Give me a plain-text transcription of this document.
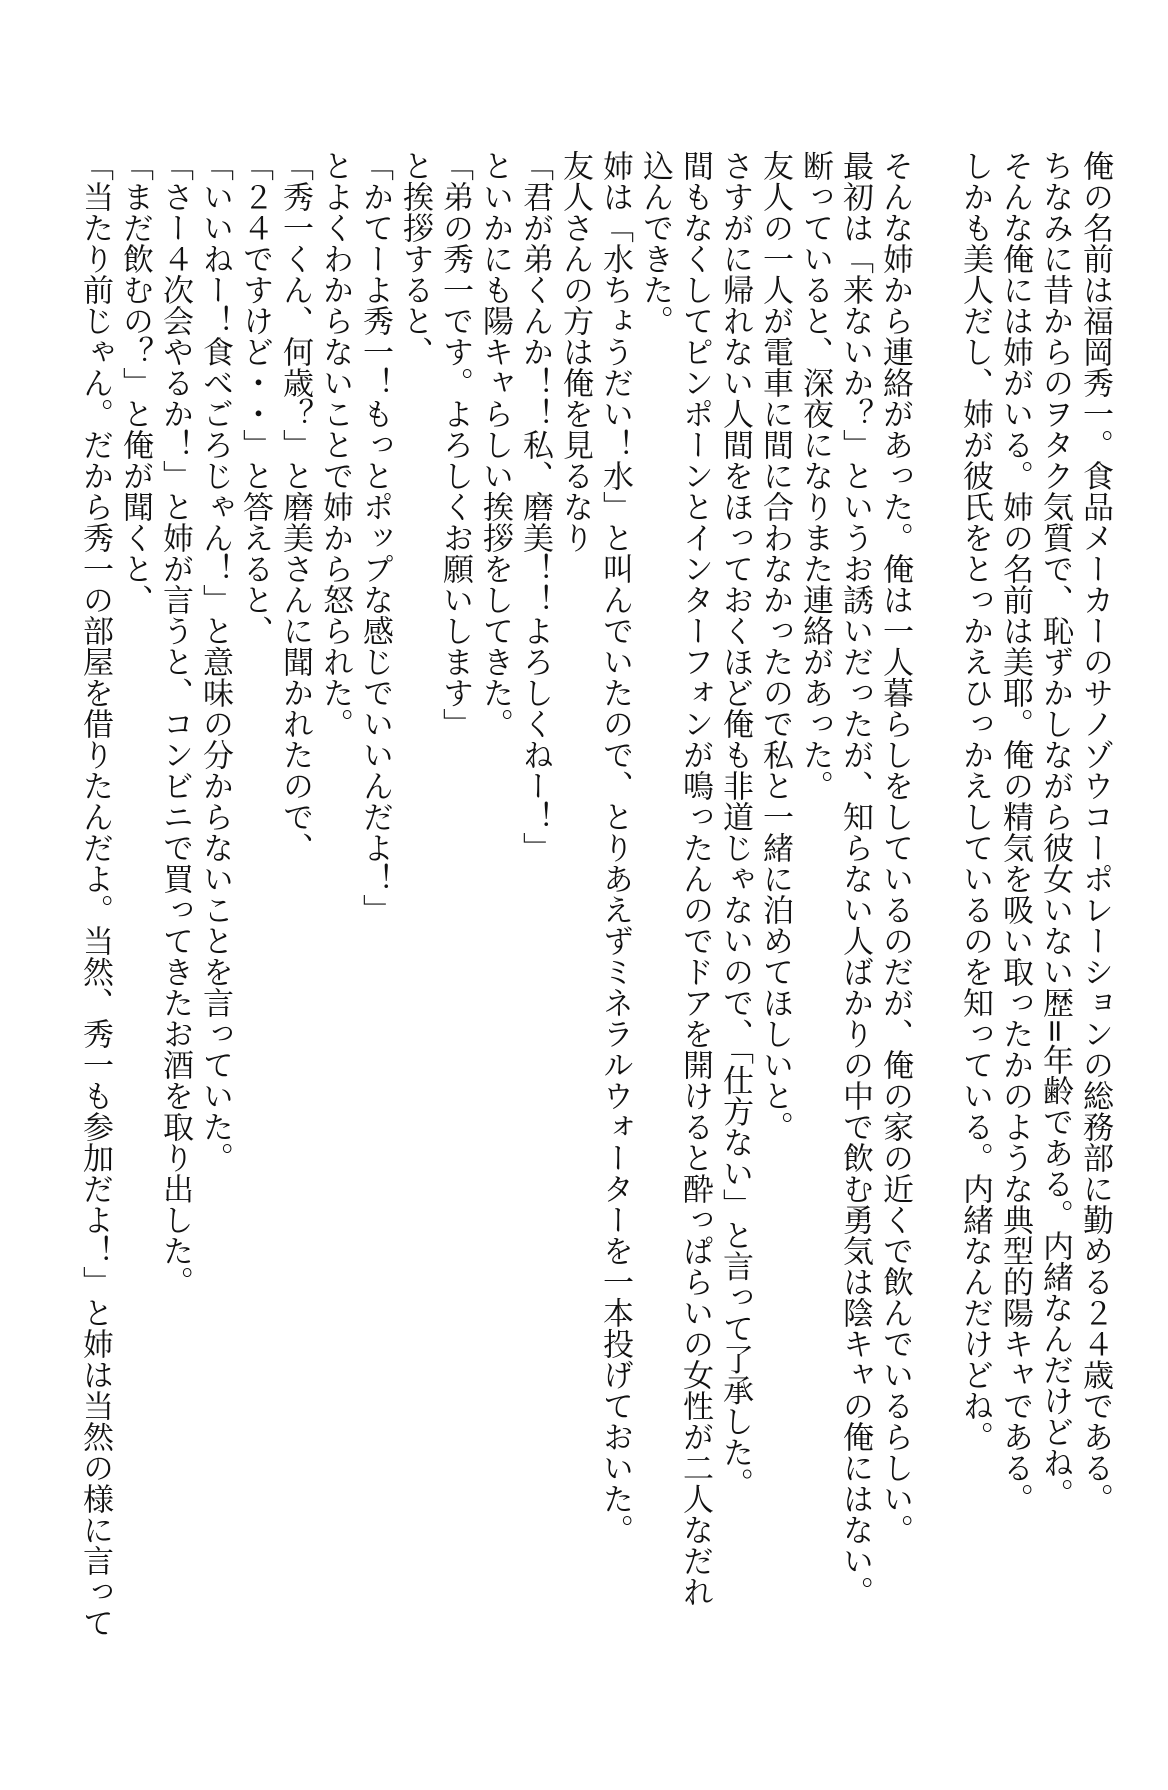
俺の名前は福岡秀一。食品メーカーのサノゾウコーポレーションの総務部に勤める２４歳である。
ちなみに昔からのヲタク気質で、恥ずかしながら彼女いない歴=年齢である。内緒なんだけどね。
そんな俺には姉がいる。姉の名前は美耶。俺の精気を吸い取ったかのような典型的陽キャである。
しかも美人だし、姉が彼氏をとっかえひっかえしているのを知っている。内緒なんだけどね。
そんな姉から連絡があった。俺は一人暮らしをしているのだが、俺の家の近くで飲んでいるらしい。
最初は「来ないか？」というお誘いだったが、知らない人ばかりの中で飲む勇気は陰キャの俺にはない。
断っていると、深夜になりまた連絡があった。
友人の一人が電車に間に合わなかったので私と一緒に泊めてほしいと。
さすがに帰れない人間をほっておくほど俺も非道じゃないので、「仕方ない」と言って了承した。
間もなくしてピンポーンとインターフォンが鳴ったんのでドアを開けると酔っぱらいの女性が二人なだれ
込んできた。
姉は「水ちょうだい！水」と叫んでいたので、とりあえずミネラルウォーターを一本投げておいた。
友人さんの方は俺を見るなり
「君が弟くんか！！私、磨美！！よろしくねー！」
といかにも陽キャらしい挨拶をしてきた。
「弟の秀一です。よろしくお願いします」
と挨拶すると、
「かてーよ秀一！もっとポップな感じでいいんだよ！」
とよくわからないことで姉から怒られた。
「秀一くん、何歳？」と磨美さんに聞かれたので、
「２４ですけど・・」と答えると、
「いいねー！食べごろじゃん！」と意味の分からないことを言っていた。
「さー４次会やるか！」と姉が言うと、コンビニで買ってきたお酒を取り出した。
「まだ飲むの？」と俺が聞くと、
「当たり前じゃん。だから秀一の部屋を借りたんだよ。当然、秀一も参加だよ！」と姉は当然の様に言って
